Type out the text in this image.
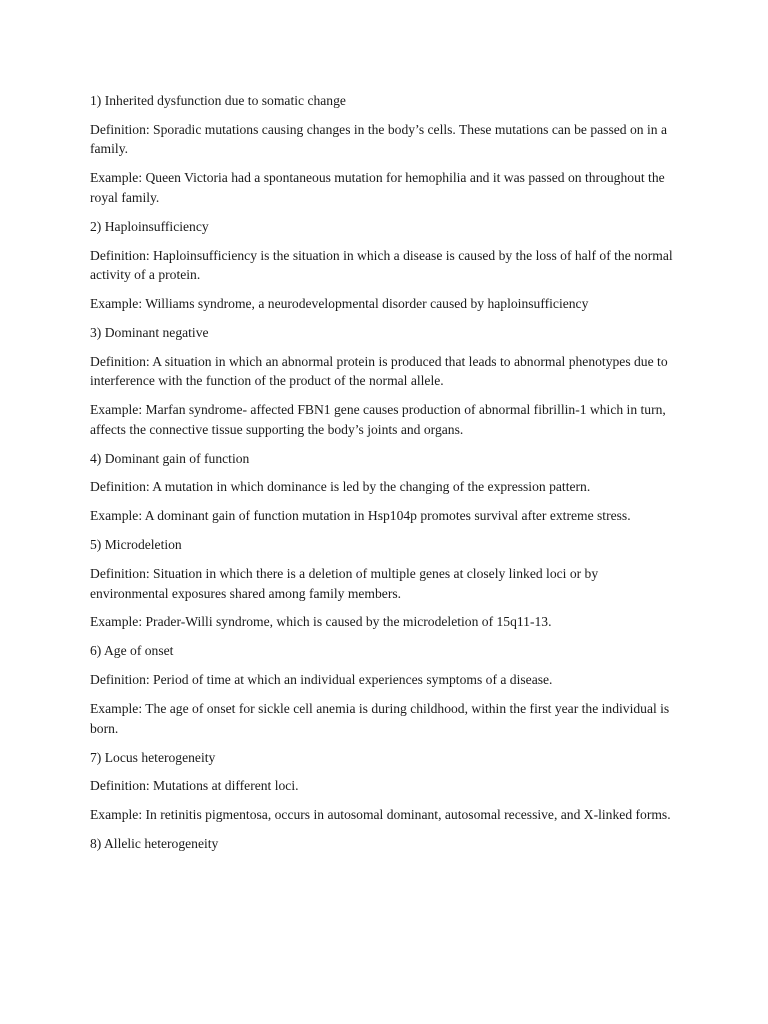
1) Inherited dysfunction due to somatic change

Definition: Sporadic mutations causing changes in the body’s cells. These mutations can be passed on in a family.

Example: Queen Victoria had a spontaneous mutation for hemophilia and it was passed on throughout the royal family.

2) Haploinsufficiency

Definition: Haploinsufficiency is the situation in which a disease is caused by the loss of half of the normal activity of a protein.

Example: Williams syndrome, a neurodevelopmental disorder caused by haploinsufficiency

3) Dominant negative

Definition: A situation in which an abnormal protein is produced that leads to abnormal phenotypes due to interference with the function of the product of the normal allele.

Example: Marfan syndrome- affected FBN1 gene causes production of abnormal fibrillin-1 which in turn, affects the connective tissue supporting the body’s joints and organs.

4) Dominant gain of function

Definition: A mutation in which dominance is led by the changing of the expression pattern.

Example: A dominant gain of function mutation in Hsp104p promotes survival after extreme stress.

5) Microdeletion

Definition: Situation in which there is a deletion of multiple genes at closely linked loci or by environmental exposures shared among family members.

Example: Prader-Willi syndrome, which is caused by the microdeletion of 15q11-13.

6) Age of onset

Definition: Period of time at which an individual experiences symptoms of a disease.

Example: The age of onset for sickle cell anemia is during childhood, within the first year the individual is born.

7) Locus heterogeneity

Definition: Mutations at different loci.

Example: In retinitis pigmentosa, occurs in autosomal dominant, autosomal recessive, and X-linked forms.

8) Allelic heterogeneity
